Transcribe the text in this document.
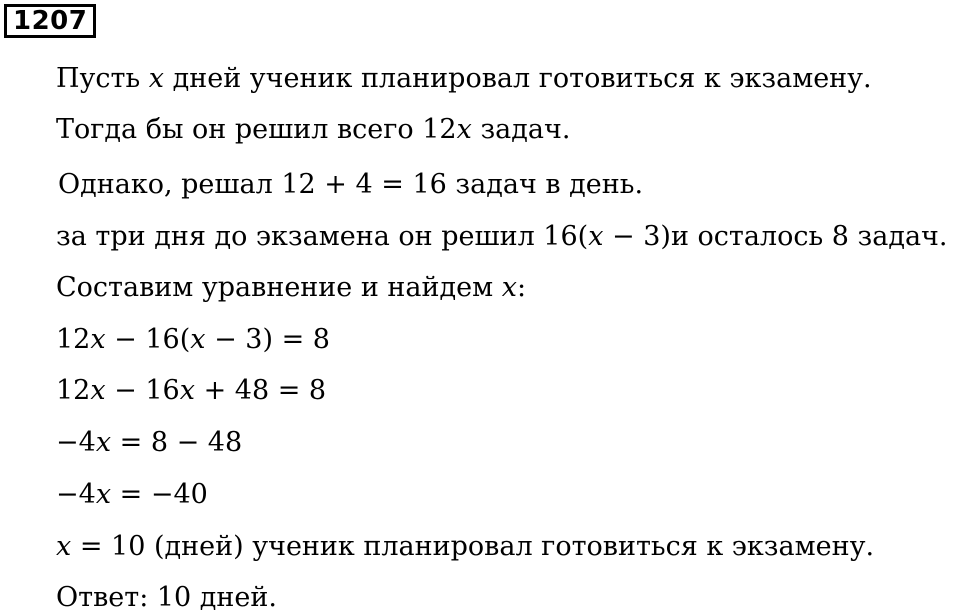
1207
Пусть x дней ученик планировал готовиться к экзамену.
Тогда бы он решил всего 12x задач.
Однако, решал 12 + 4 = 16 задач в день.
за три дня до экзамена он решил 16(x − 3)и осталось 8 задач.
Составим уравнение и найдем x:
12x − 16(x − 3) = 8
12x − 16x + 48 = 8
−4x = 8 − 48
−4x = −40
x = 10 (дней) ученик планировал готовиться к экзамену.
Ответ: 10 дней.
